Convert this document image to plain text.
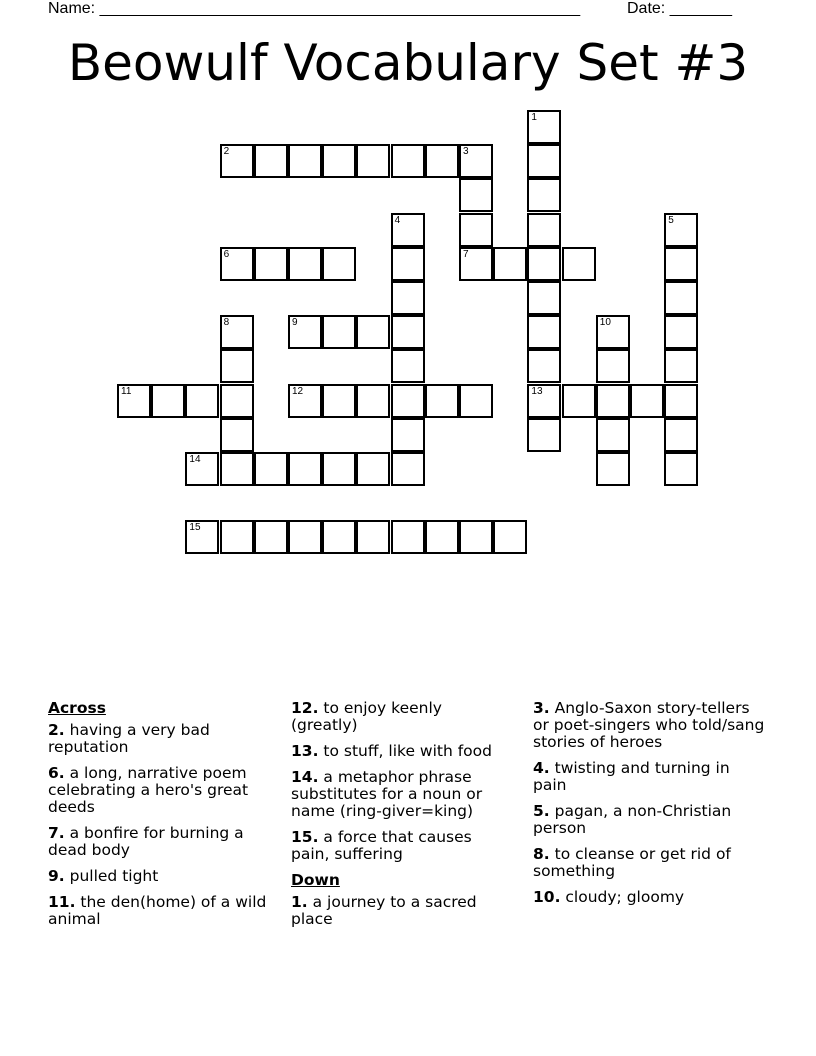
Name: ______________________________________________________	Date: _______
Beowulf Vocabulary Set #3
1
13
2	3
7
4	5
6
8	9	10
11	12
14
15
Across
2. having a very bad reputation
6. a long, narrative poem celebrating a hero's great deeds
7. a bonfire for burning a dead body
9. pulled tight
11. the den(home) of a wild animal
12. to enjoy keenly (greatly)
13. to stuff, like with food
14. a metaphor phrase substitutes for a noun or name (ring-giver=king)
15. a force that causes pain, suffering
Down
1. a journey to a sacred place
3. Anglo-Saxon story-tellers or poet-singers who told/sang stories of heroes
4. twisting and turning in pain
5. pagan, a non-Christian person
8. to cleanse or get rid of something
10. cloudy; gloomy
